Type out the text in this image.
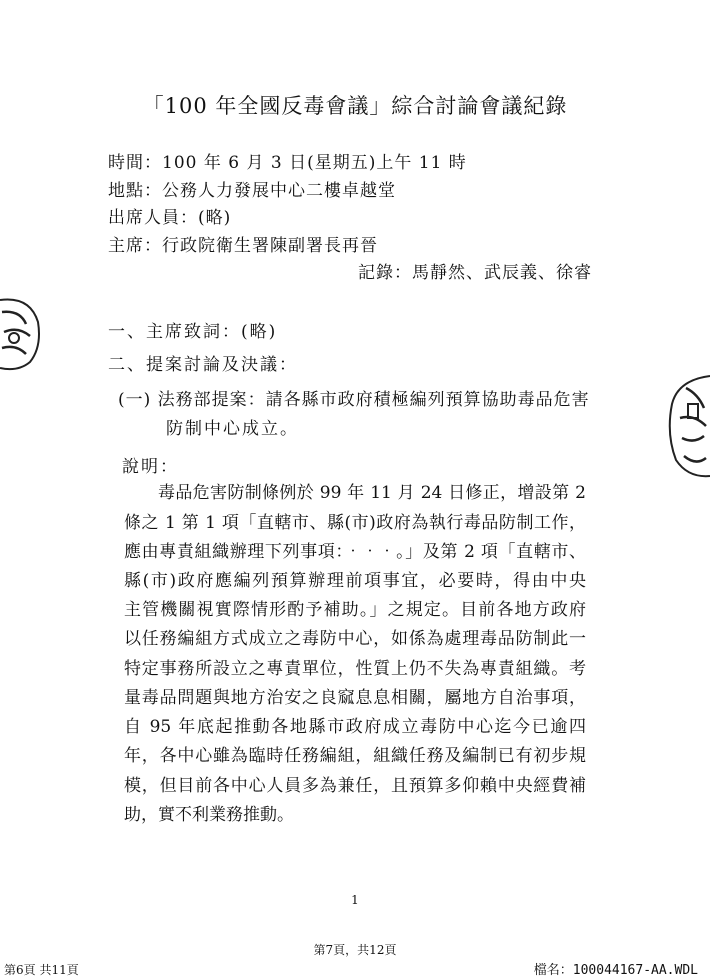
「100 年全國反毒會議」綜合討論會議紀錄
時間：100 年 6 月 3 日(星期五)上午 11 時
地點：公務人力發展中心二樓卓越堂
出席人員：(略)
主席：行政院衛生署陳副署長再晉
記錄：馬靜然、武辰義、徐睿
一、主席致詞：(略)
二、提案討論及決議：
(一) 法務部提案：請各縣市政府積極編列預算協助毒品危害
防制中心成立。
說明：
毒品危害防制條例於 99 年 11 月 24 日修正，增設第 2
條之 1 第 1 項「直轄市、縣(市)政府為執行毒品防制工作，
應由專責組織辦理下列事項：‧‧‧。」及第 2 項「直轄市、
縣(市)政府應編列預算辦理前項事宜，必要時，得由中央
主管機關視實際情形酌予補助。」之規定。目前各地方政府
以任務編組方式成立之毒防中心，如係為處理毒品防制此一
特定事務所設立之專責單位，性質上仍不失為專責組織。考
量毒品問題與地方治安之良窳息息相關，屬地方自治事項，
自 95 年底起推動各地縣市政府成立毒防中心迄今已逾四
年，各中心雖為臨時任務編組，組織任務及編制已有初步規
模，但目前各中心人員多為兼任，且預算多仰賴中央經費補
助，實不利業務推動。
1
第7頁，共12頁
第6頁 共11頁	檔名：100044167-AA.WDL
